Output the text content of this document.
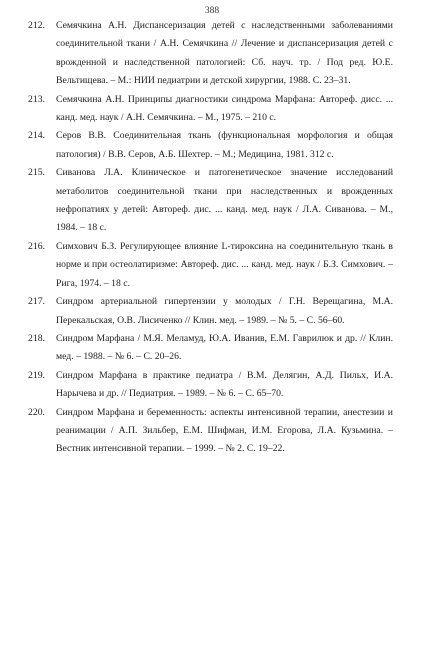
388

212. Семячкина А.Н. Диспансеризация детей с наследственными заболеваниями соединительной ткани / А.Н. Семячкина // Лечение и диспансеризация детей с врожденной и наследственной патологией: Сб. науч. тр. / Под ред. Ю.Е. Вельтищева. – М.: НИИ педиатрии и детской хирургии, 1988. С. 23–31.

213. Семячкина А.Н. Принципы диагностики синдрома Марфана: Автореф. дисс. ... канд. мед. наук / А.Н. Семячкина. – М., 1975. – 210 с.

214. Серов В.В. Соединительная ткань (функциональная морфология и общая патология) / В.В. Серов, А.Б. Шехтер. – М.; Медицина, 1981. 312 с.

215. Сиванова Л.А. Клиническое и патогенетическое значение исследований метаболитов соединительной ткани при наследственных и врожденных нефропатиях у детей: Автореф. дис. ... канд. мед. наук / Л.А. Сиванова. – М., 1984. – 18 с.

216. Симхович Б.З. Регулирующее влияние L-тироксина на соединительную ткань в норме и при остеолатиризме: Автореф. дис. ... канд. мед. наук / Б.З. Симхович. – Рига, 1974. – 18 с.

217. Синдром артериальной гипертензии у молодых / Г.Н. Верещагина, М.А. Перекальская, О.В. Лисиченко // Клин. мед. – 1989. – № 5. – С. 56–60.

218. Синдром Марфана / М.Я. Меламуд, Ю.А. Иванив, Е.М. Гаврилюк и др. // Клин. мед. – 1988. – № 6. – С. 20–26.

219. Синдром Марфана в практике педиатра / В.М. Делягин, А.Д. Пильх, И.А. Нарычева и др. // Педиатрия. – 1989. – № 6. – С. 65–70.

220. Синдром Марфана и беременность: аспекты интенсивной терапии, анестезии и реанимации / А.П. Зильбер, Е.М. Шифман, И.М. Егорова, Л.А. Кузьмина. – Вестник интенсивной терапии. – 1999. – № 2. С. 19–22.
